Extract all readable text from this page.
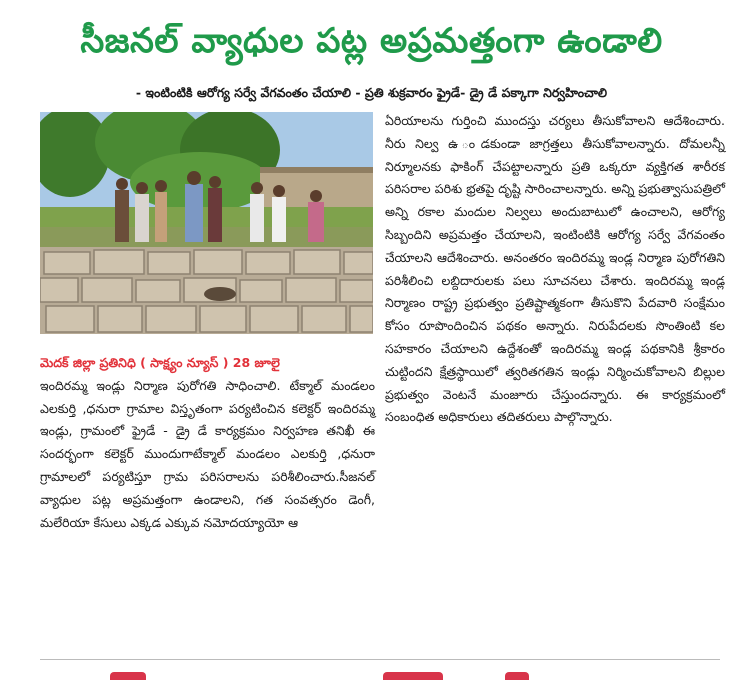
సీజనల్ వ్యాధుల పట్ల అప్రమత్తంగా ఉండాలి
- ఇంటింటికి ఆరోగ్య సర్వే వేగవంతం చేయాలి - ప్రతి శుక్రవారం ఫ్రైడే- డ్రై డే పక్కాగా నిర్వహించాలి
మెదక్ జిల్లా ప్రతినిధి ( సాక్ష్యం న్యూస్ ) 28 జూలై
ఇందిరమ్మ ఇండ్లు నిర్మాణ పురోగతి సాధించాలి. టేక్మాల్ మండలం ఎలకుర్తి ,ధనురా గ్రామాల విస్తృతంగా పర్యటించిన కలెక్టర్ ఇందిరమ్మ ఇండ్లు, గ్రామంలో ఫ్రైడే - డ్రై డే కార్యక్రమం నిర్వహణ తనిఖీ ఈ సందర్భంగా కలెక్టర్ ముందుగాటేక్మాల్ మండలం ఎలకుర్తి ,ధనురా గ్రామాలలో పర్యటిస్తూ గ్రామ పరిసరాలను పరిశీలించారు.సీజనల్ వ్యాధుల పట్ల అప్రమత్తంగా ఉండాలని, గత సంవత్సరం డెంగీ, మలేరియా కేసులు ఎక్కడ ఎక్కువ నమోదయ్యాయో ఆ
ఏరియాలను గుర్తించి ముందస్తు చర్యలు తీసుకోవాలని ఆదేశించారు. నీరు నిల్వ ఉ ండకుండా జాగ్రత్తలు తీసుకోవాలన్నారు. దోమలన్నీ నిర్మూలనకు ఫాకింగ్ చేపట్టాలన్నారు ప్రతి ఒక్కరూ వ్యక్తిగత శారీరక పరిసరాల పరిశు భ్రతపై దృష్టి సారించాలన్నారు. అన్ని ప్రభుత్వాసుపత్రిలో అన్ని రకాల మందుల నిల్వలు అందుబాటులో ఉంచాలని, ఆరోగ్య సిబ్బందిని అప్రమత్తం చేయాలని, ఇంటింటికి ఆరోగ్య సర్వే వేగవంతం చేయాలని ఆదేశించారు. అనంతరం ఇందిరమ్మ ఇండ్ల నిర్మాణ పురోగతిని పరిశీలించి లబ్దిదారులకు పలు సూచనలు చేశారు. ఇందిరమ్మ ఇండ్ల నిర్మాణం రాష్ట్ర ప్రభుత్వం ప్రతిష్టాత్మకంగా తీసుకొని పేదవారి సంక్షేమం కోసం రూపొందించిన పథకం అన్నారు. నిరుపేదలకు సొంతింటి కల సహకారం చేయాలని ఉద్దేశంతో ఇందిరమ్మ ఇండ్ల పథకానికి శ్రీకారం చుట్టిందని క్షేత్రస్థాయిలో త్వరితగతిన ఇండ్లు నిర్మించుకోవాలని బిల్లుల ప్రభుత్వం వెంటనే మంజూరు చేస్తుందన్నారు. ఈ కార్యక్రమంలో సంబంధిత అధికారులు తదితరులు పాల్గొన్నారు.
